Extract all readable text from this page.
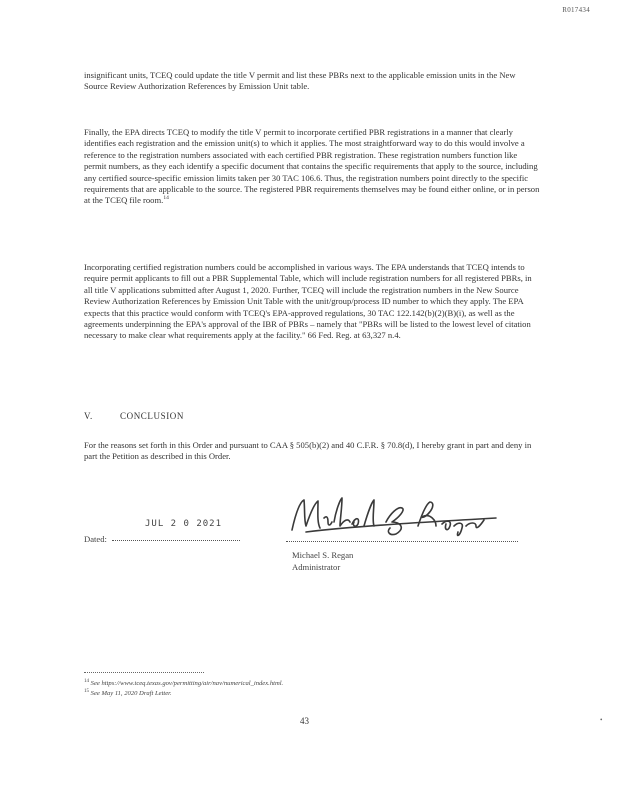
R017434

insignificant units, TCEQ could update the title V permit and list these PBRs next to the applicable emission units in the New Source Review Authorization References by Emission Unit table.

Finally, the EPA directs TCEQ to modify the title V permit to incorporate certified PBR registrations in a manner that clearly identifies each registration and the emission unit(s) to which it applies. The most straightforward way to do this would involve a reference to the registration numbers associated with each certified PBR registration. These registration numbers function like permit numbers, as they each identify a specific document that contains the specific requirements that apply to the source, including any certified source-specific emission limits taken per 30 TAC 106.6. Thus, the registration numbers point directly to the specific requirements that are applicable to the source. The registered PBR requirements themselves may be found either online, or in person at the TCEQ file room.$^{14}$

Incorporating certified registration numbers could be accomplished in various ways. The EPA understands that TCEQ intends to require permit applicants to fill out a PBR Supplemental Table, which will include registration numbers for all registered PBRs, in all title V applications submitted after August 1, 2020. Further, TCEQ will include the registration numbers in the New Source Review Authorization References by Emission Unit Table with the unit/group/process ID number to which they apply. The EPA expects that this practice would conform with TCEQ's EPA-approved regulations, 30 TAC 122.142(b)(2)(B)(i), as well as the agreements underpinning the EPA's approval of the IBR of PBRs – namely that "PBRs will be listed to the lowest level of citation necessary to make clear what requirements apply at the facility." 66 Fed. Reg. at 63,327 n.4.

V.	CONCLUSION

For the reasons set forth in this Order and pursuant to CAA § 505(b)(2) and 40 C.F.R. § 70.8(d), I hereby grant in part and deny in part the Petition as described in this Order.

JUL 2 0 2021
Dated:
Michael S. Regan
Administrator
$^{14}$ See https://www.tceq.texas.gov/permitting/air/nav/numerical_index.html.
$^{15}$ See May 11, 2020 Draft Letter.
43	•
